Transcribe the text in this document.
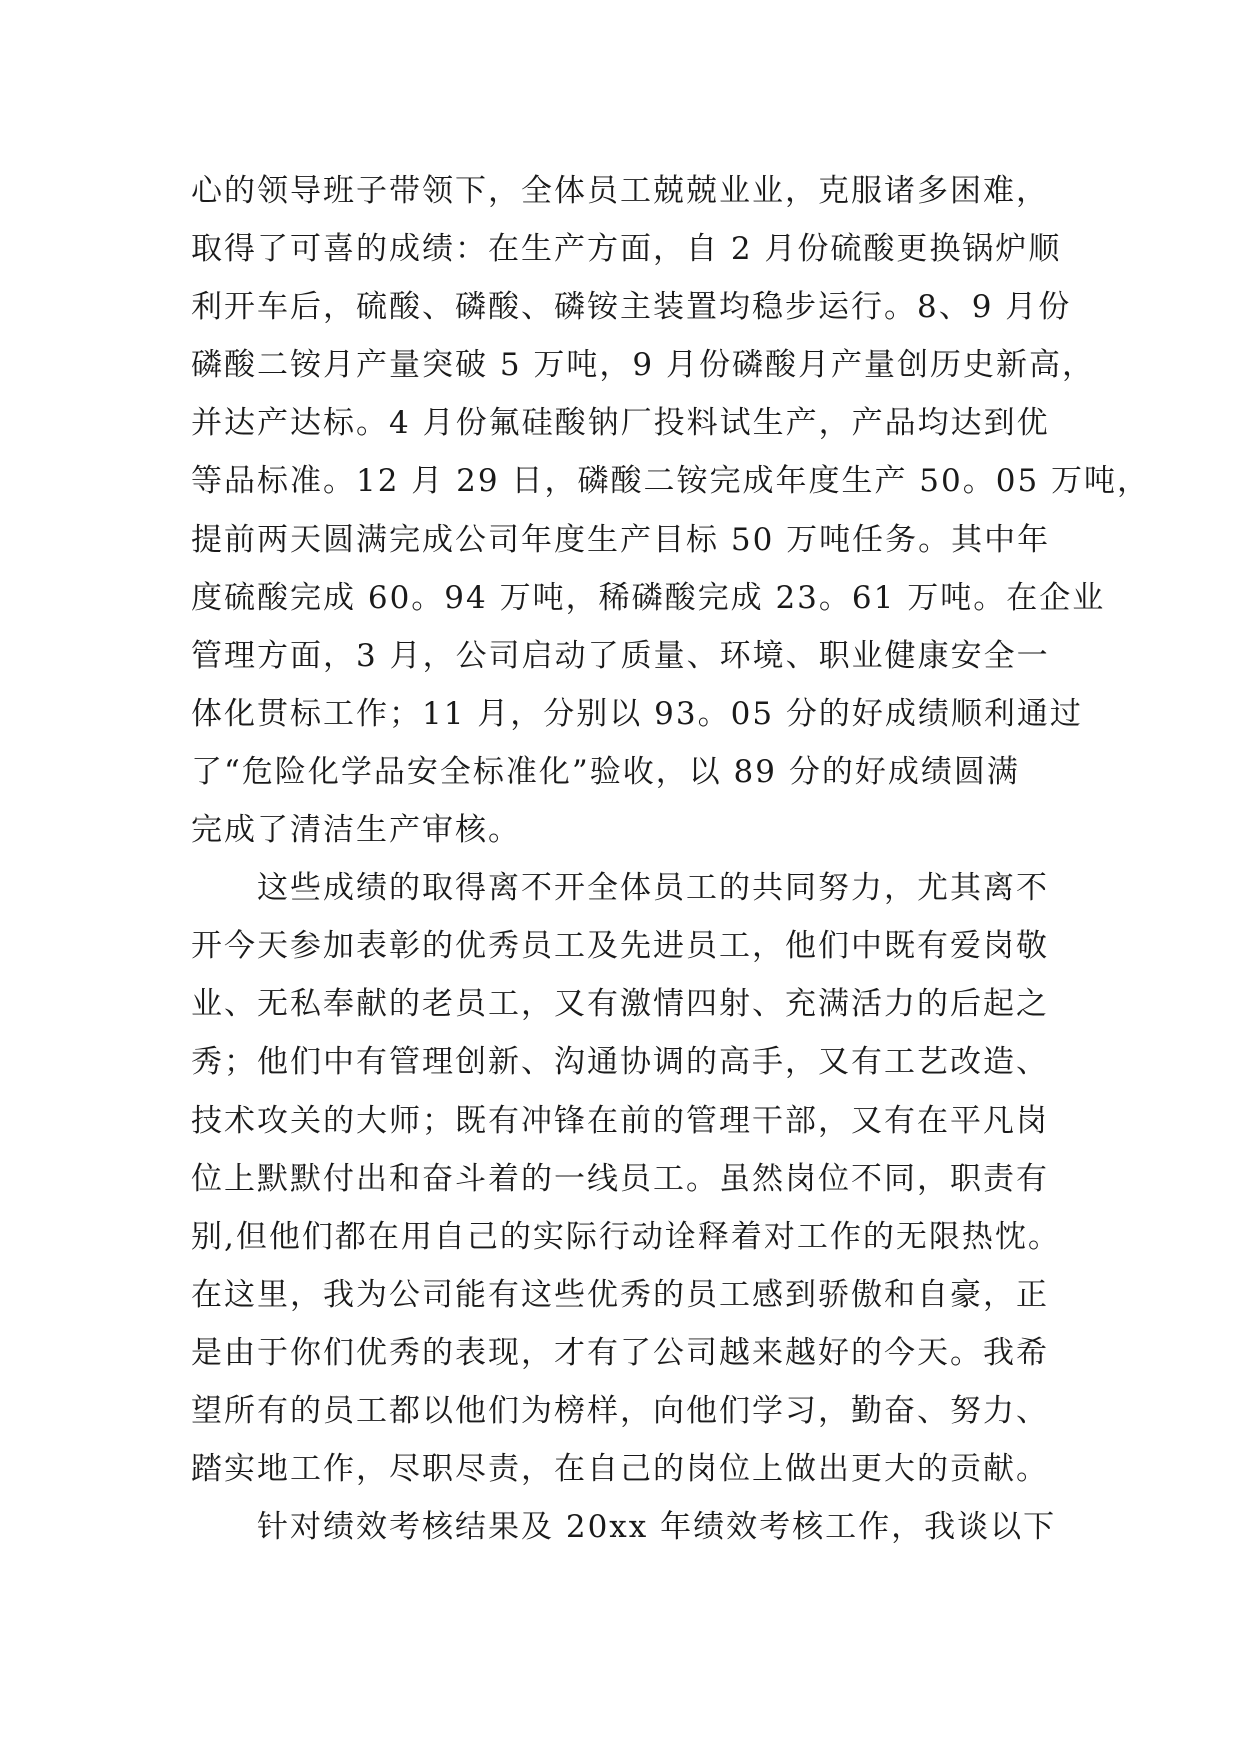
心的领导班子带领下，全体员工兢兢业业，克服诸多困难，
取得了可喜的成绩：在生产方面，自 2 月份硫酸更换锅炉顺
利开车后，硫酸、磷酸、磷铵主装置均稳步运行。8、9 月份
磷酸二铵月产量突破 5 万吨，9 月份磷酸月产量创历史新高，
并达产达标。4 月份氟硅酸钠厂投料试生产，产品均达到优
等品标准。12 月 29 日，磷酸二铵完成年度生产 50。05 万吨，
提前两天圆满完成公司年度生产目标 50 万吨任务。其中年
度硫酸完成 60。94 万吨，稀磷酸完成 23。61 万吨。在企业
管理方面，3 月，公司启动了质量、环境、职业健康安全一
体化贯标工作；11 月，分别以 93。05 分的好成绩顺利通过
了“危险化学品安全标准化”验收，以 89 分的好成绩圆满
完成了清洁生产审核。
　　这些成绩的取得离不开全体员工的共同努力，尤其离不
开今天参加表彰的优秀员工及先进员工，他们中既有爱岗敬
业、无私奉献的老员工，又有激情四射、充满活力的后起之
秀；他们中有管理创新、沟通协调的高手，又有工艺改造、
技术攻关的大师；既有冲锋在前的管理干部，又有在平凡岗
位上默默付出和奋斗着的一线员工。虽然岗位不同，职责有
别,但他们都在用自己的实际行动诠释着对工作的无限热忱。
在这里，我为公司能有这些优秀的员工感到骄傲和自豪，正
是由于你们优秀的表现，才有了公司越来越好的今天。我希
望所有的员工都以他们为榜样，向他们学习，勤奋、努力、
踏实地工作，尽职尽责，在自己的岗位上做出更大的贡献。
　　针对绩效考核结果及 20xx 年绩效考核工作，我谈以下
